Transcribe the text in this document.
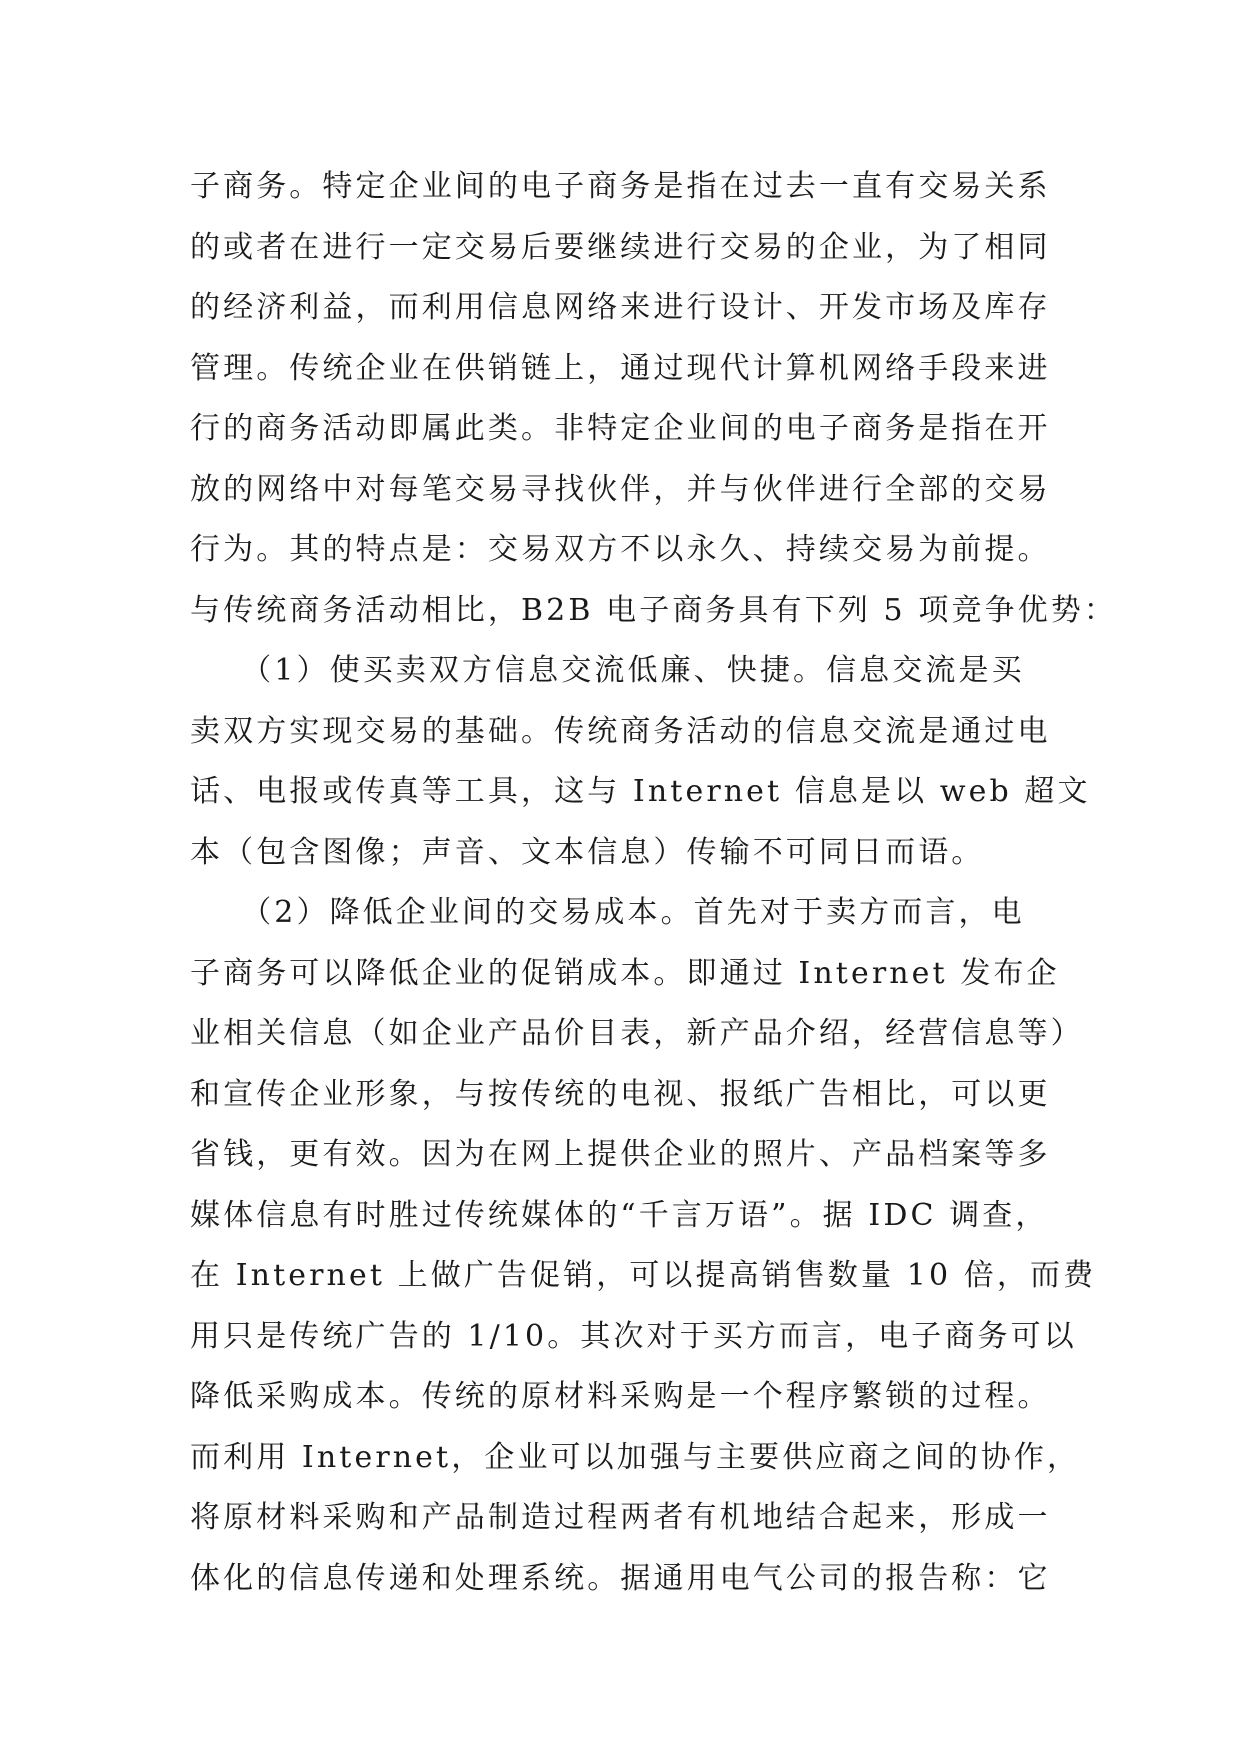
子商务。特定企业间的电子商务是指在过去一直有交易关系
的或者在进行一定交易后要继续进行交易的企业，为了相同
的经济利益，而利用信息网络来进行设计、开发市场及库存
管理。传统企业在供销链上，通过现代计算机网络手段来进
行的商务活动即属此类。非特定企业间的电子商务是指在开
放的网络中对每笔交易寻找伙伴，并与伙伴进行全部的交易
行为。其的特点是：交易双方不以永久、持续交易为前提。
与传统商务活动相比，B2B 电子商务具有下列 5 项竞争优势：
　　（1）使买卖双方信息交流低廉、快捷。信息交流是买
卖双方实现交易的基础。传统商务活动的信息交流是通过电
话、电报或传真等工具，这与 Internet 信息是以 web 超文
本（包含图像；声音、文本信息）传输不可同日而语。
　　（2）降低企业间的交易成本。首先对于卖方而言，电
子商务可以降低企业的促销成本。即通过 Internet 发布企
业相关信息（如企业产品价目表，新产品介绍，经营信息等）
和宣传企业形象，与按传统的电视、报纸广告相比，可以更
省钱，更有效。因为在网上提供企业的照片、产品档案等多
媒体信息有时胜过传统媒体的“千言万语”。据 IDC 调查，
在 Internet 上做广告促销，可以提高销售数量 10 倍，而费
用只是传统广告的 1/10。其次对于买方而言，电子商务可以
降低采购成本。传统的原材料采购是一个程序繁锁的过程。
而利用 Internet，企业可以加强与主要供应商之间的协作，
将原材料采购和产品制造过程两者有机地结合起来，形成一
体化的信息传递和处理系统。据通用电气公司的报告称：它
